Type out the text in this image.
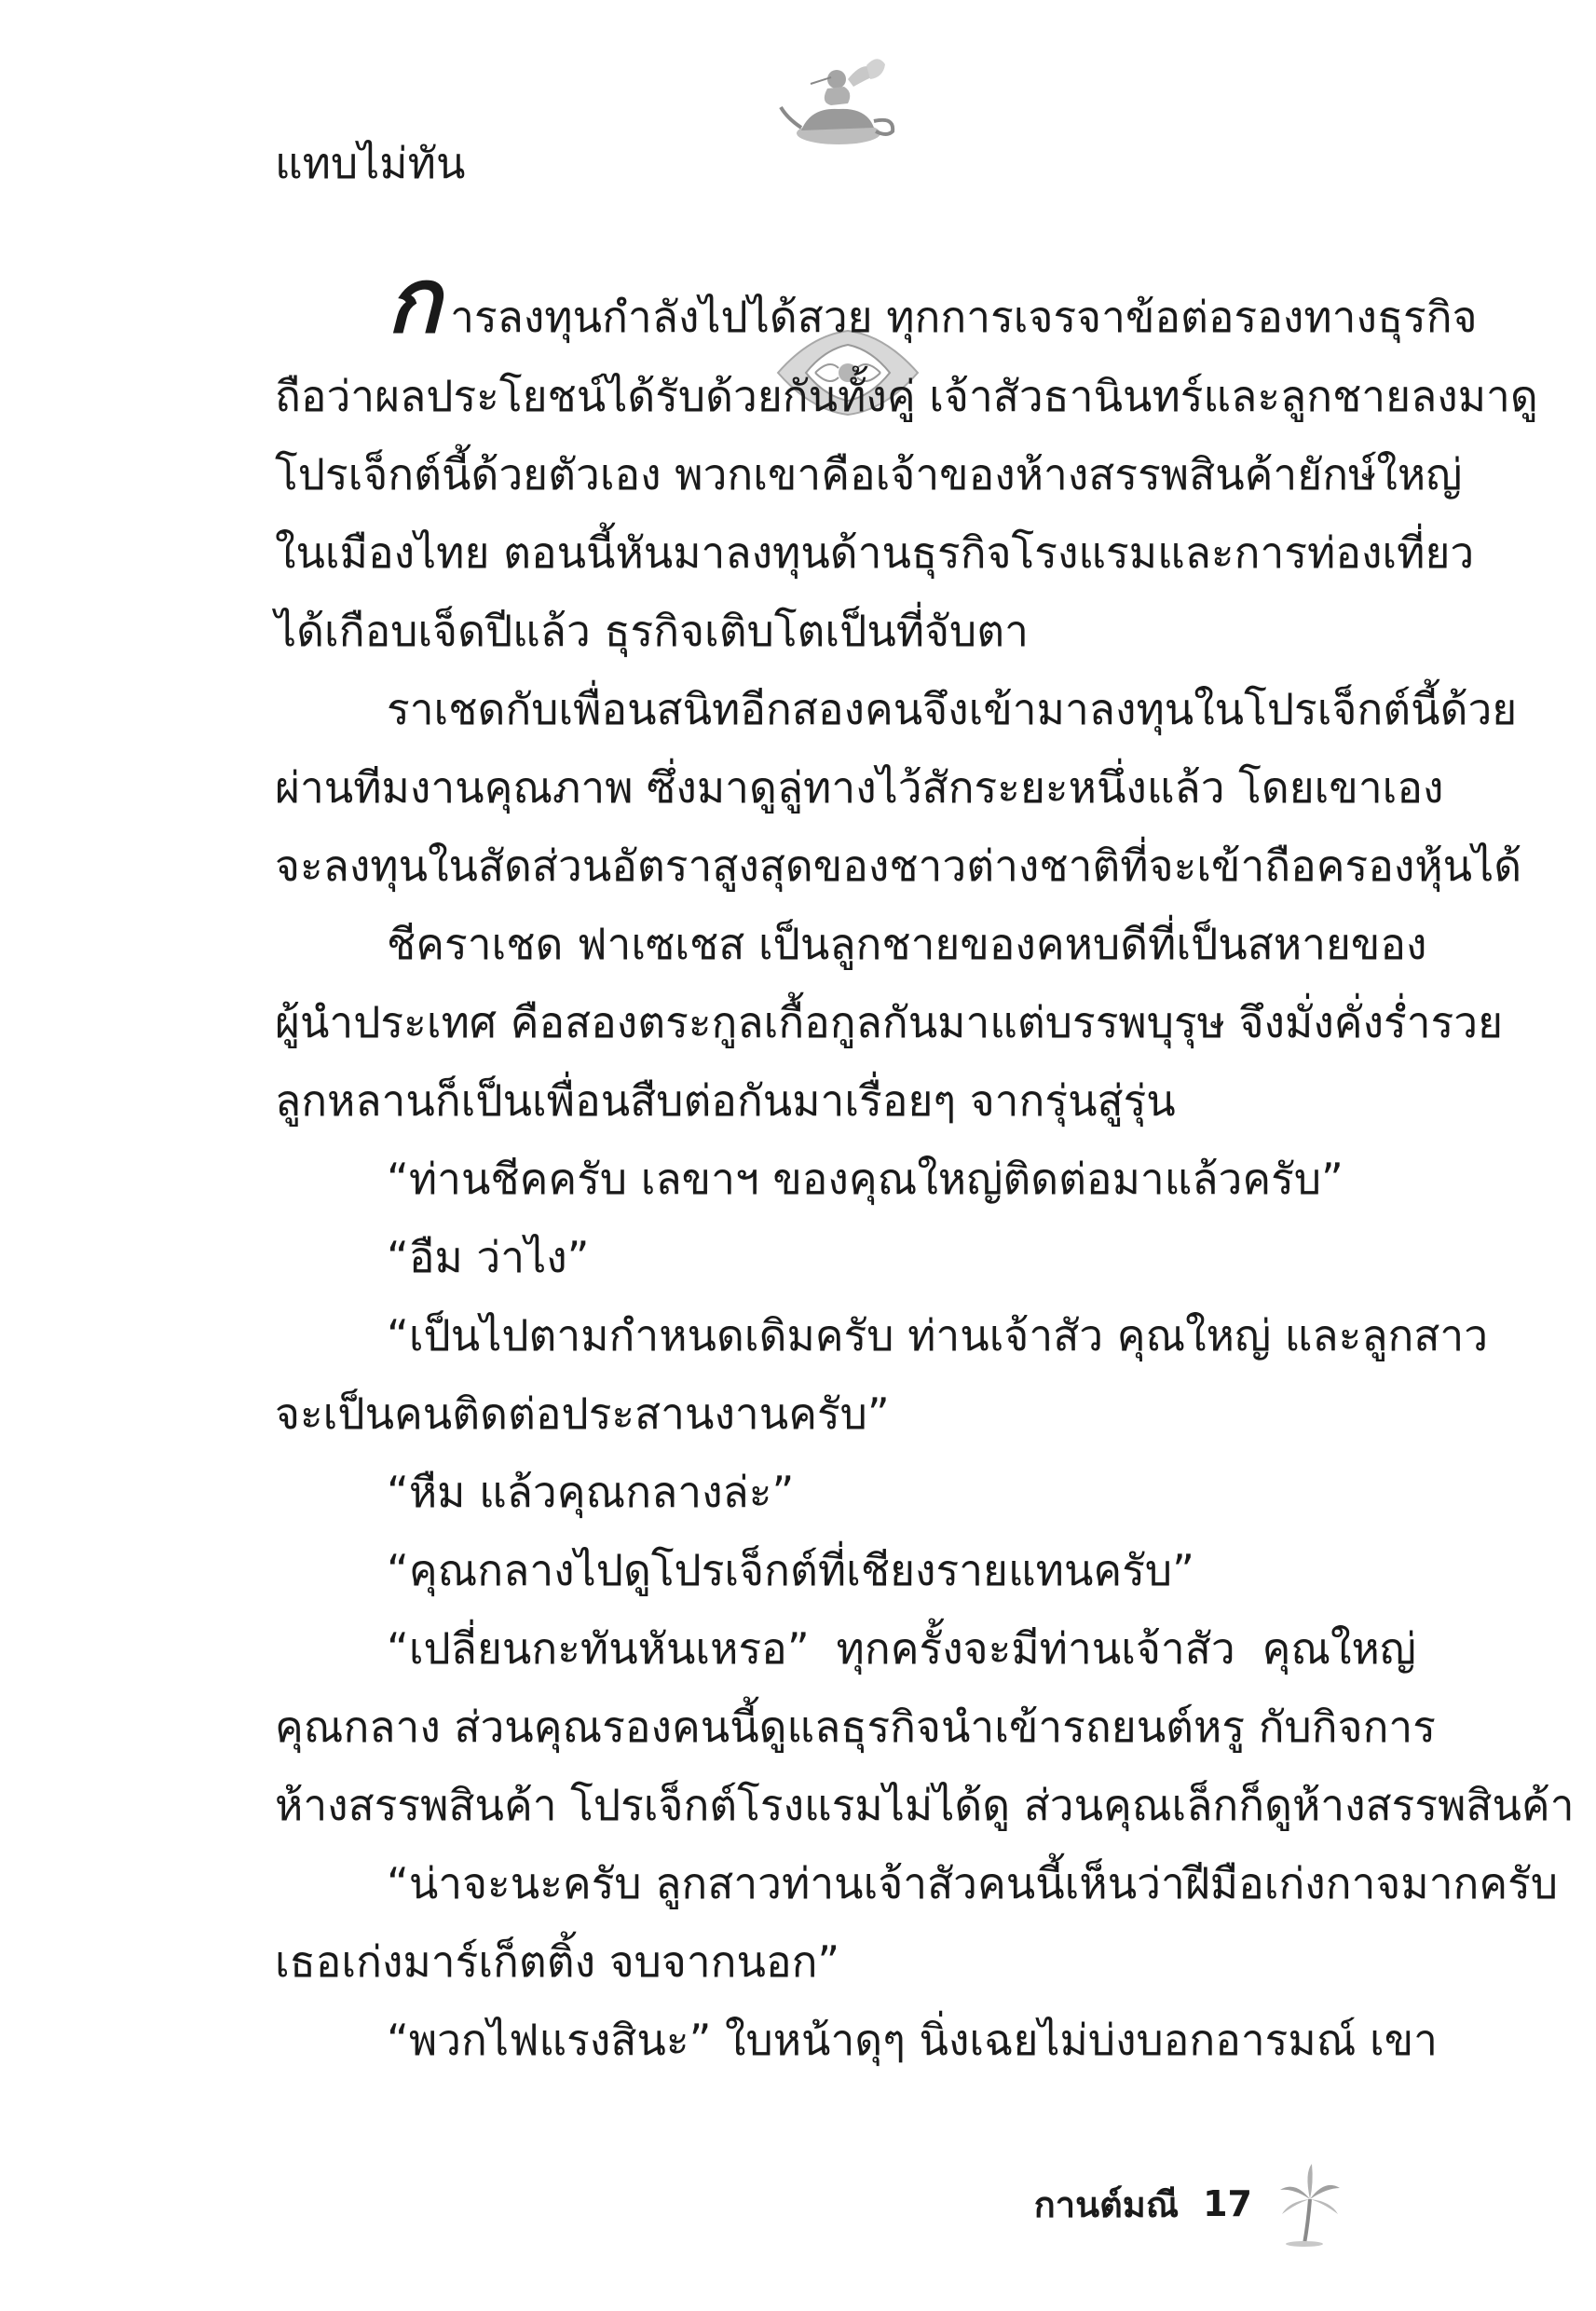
แทบไม่ทัน
ก ารลงทุนกำลังไปได้สวย ทุกการเจรจาข้อต่อรองทางธุรกิจ
ถือว่าผลประโยชน์ได้รับด้วยกันทั้งคู่ เจ้าสัวธานินทร์และลูกชายลงมาดู
โปรเจ็กต์นี้ด้วยตัวเอง พวกเขาคือเจ้าของห้างสรรพสินค้ายักษ์ใหญ่
ในเมืองไทย ตอนนี้หันมาลงทุนด้านธุรกิจโรงแรมและการท่องเที่ยว
ได้เกือบเจ็ดปีแล้ว ธุรกิจเติบโตเป็นที่จับตา
ราเชดกับเพื่อนสนิทอีกสองคนจึงเข้ามาลงทุนในโปรเจ็กต์นี้ด้วย
ผ่านทีมงานคุณภาพ ซึ่งมาดูลู่ทางไว้สักระยะหนึ่งแล้ว โดยเขาเอง
จะลงทุนในสัดส่วนอัตราสูงสุดของชาวต่างชาติที่จะเข้าถือครองหุ้นได้
ชีคราเชด ฟาเซเชส เป็นลูกชายของคหบดีที่เป็นสหายของ
ผู้นำประเทศ คือสองตระกูลเกื้อกูลกันมาแต่บรรพบุรุษ จึงมั่งคั่งร่ำรวย
ลูกหลานก็เป็นเพื่อนสืบต่อกันมาเรื่อยๆ จากรุ่นสู่รุ่น
“ท่านชีคครับ เลขาฯ ของคุณใหญ่ติดต่อมาแล้วครับ”
“อืม ว่าไง”
“เป็นไปตามกำหนดเดิมครับ ท่านเจ้าสัว คุณใหญ่ และลูกสาว
จะเป็นคนติดต่อประสานงานครับ”
“หืม แล้วคุณกลางล่ะ”
“คุณกลางไปดูโปรเจ็กต์ที่เชียงรายแทนครับ”
“เปลี่ยนกะทันหันเหรอ” ทุกครั้งจะมีท่านเจ้าสัว คุณใหญ่
คุณกลาง ส่วนคุณรองคนนี้ดูแลธุรกิจนำเข้ารถยนต์หรู กับกิจการ
ห้างสรรพสินค้า โปรเจ็กต์โรงแรมไม่ได้ดู ส่วนคุณเล็กก็ดูห้างสรรพสินค้า
“น่าจะนะครับ ลูกสาวท่านเจ้าสัวคนนี้เห็นว่าฝีมือเก่งกาจมากครับ
เธอเก่งมาร์เก็ตติ้ง จบจากนอก”
“พวกไฟแรงสินะ” ใบหน้าดุๆ นิ่งเฉยไม่บ่งบอกอารมณ์ เขา
กานต์มณี 17
